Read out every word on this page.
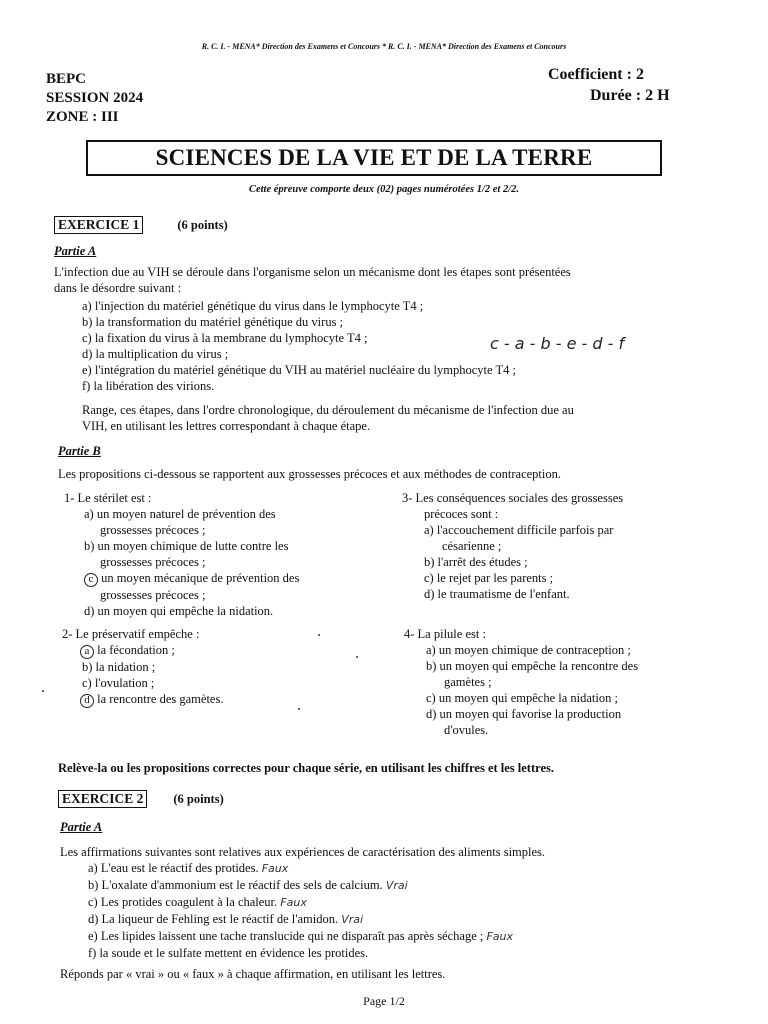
R. C. I. - MENA* Direction des Examens et Concours * R. C. I. - MENA* Direction des Examens et Concours
BEPC
SESSION 2024
ZONE : III
Coefficient : 2
Durée : 2 H
SCIENCES DE LA VIE ET DE LA TERRE
Cette épreuve comporte deux (02) pages numérotées 1/2 et 2/2.
EXERCICE 1	(6 points)
Partie A
L'infection due au VIH se déroule dans l'organisme selon un mécanisme dont les étapes sont présentées
dans le désordre suivant :
a) l'injection du matériel génétique du virus dans le lymphocyte T4 ;
b) la transformation du matériel génétique du virus ;
c) la fixation du virus à la membrane du lymphocyte T4 ;
d) la multiplication du virus ;
e) l'intégration du matériel génétique du VIH au matériel nucléaire du lymphocyte T4 ;
f) la libération des virions.
c - a - b - e - d - f
Range, ces étapes, dans l'ordre chronologique, du déroulement du mécanisme de l'infection due au
VIH, en utilisant les lettres correspondant à chaque étape.
Partie B
Les propositions ci-dessous se rapportent aux grossesses précoces et aux méthodes de contraception.
1- Le stérilet est :
a) un moyen naturel de prévention des
grossesses précoces ;
b) un moyen chimique de lutte contre les
grossesses précoces ;
c un moyen mécanique de prévention des
grossesses précoces ;
d) un moyen qui empêche la nidation.
2- Le préservatif empêche :
a la fécondation ;
b) la nidation ;
c) l'ovulation ;
d la rencontre des gamètes.
3- Les conséquences sociales des grossesses
précoces sont :
a) l'accouchement difficile parfois par
césarienne ;
b) l'arrêt des études ;
c) le rejet par les parents ;
d) le traumatisme de l'enfant.
4- La pilule est :
a) un moyen chimique de contraception ;
b) un moyen qui empêche la rencontre des
gamètes ;
c) un moyen qui empêche la nidation ;
d) un moyen qui favorise la production
d'ovules.
Relève-la ou les propositions correctes pour chaque série, en utilisant les chiffres et les lettres.
EXERCICE 2 (6 points)
Partie A
Les affirmations suivantes sont relatives aux expériences de caractérisation des aliments simples.
a) L'eau est le réactif des protides. Faux
b) L'oxalate d'ammonium est le réactif des sels de calcium. Vrai
c) Les protides coagulent à la chaleur. Faux
d) La liqueur de Fehling est le réactif de l'amidon. Vrai
e) Les lipides laissent une tache translucide qui ne disparaît pas après séchage ; Faux
f) la soude et le sulfate mettent en évidence les protides.
Réponds par « vrai » ou « faux » à chaque affirmation, en utilisant les lettres.
Page 1/2
